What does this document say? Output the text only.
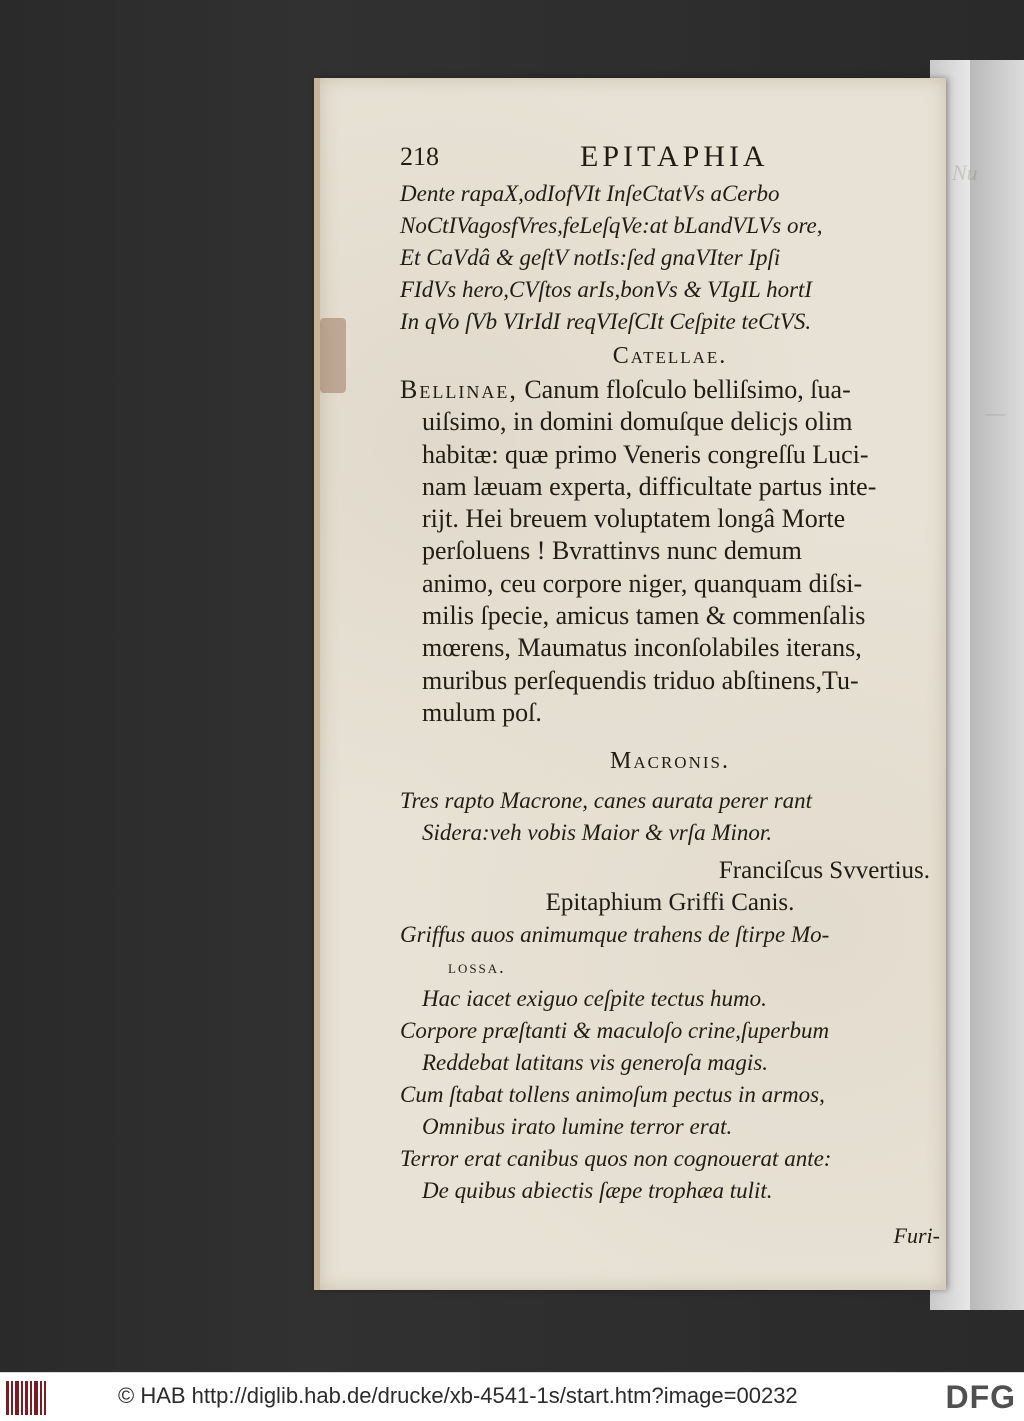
Nu
—
218	EPITAPHIA
Dente rapaX,odIofVIt InſeCtatVs aCerbo
NoCtIVagosfVres,feLeſqVe:at bLandVLVs ore,
Et CaVdâ & geſtV notIs:ſed gnaVIter Ipſi
FIdVs hero,CVſtos arIs,bonVs & VIgIL hortI
In qVo ſVb VIrIdI reqVIeſCIt Ceſpite teCtVS.
Catellae.
Bellinae, Canum floſculo belliſsimo, ſua-
uiſsimo, in domini domuſque delicjs olim
habitæ: quæ primo Veneris congreſſu Luci-
nam læuam experta, difficultate partus inte-
rijt. Hei breuem voluptatem longâ Morte
perſoluens ! Bvrattinvs nunc demum
animo, ceu corpore niger, quanquam diſsi-
milis ſpecie, amicus tamen & commenſalis
mœrens, Maumatus inconſolabiles iterans,
muribus perſequendis triduo abſtinens,Tu-
mulum poſ.
Macronis.
Tres rapto Macrone, canes aurata perer rant
Sidera:veh vobis Maior & vrſa Minor.
Franciſcus Svvertius.
Epitaphium Griffi Canis.
Griffus auos animumque trahens de ſtirpe Mo-
lossa.
Hac iacet exiguo ceſpite tectus humo.
Corpore præſtanti & maculoſo crine,ſuperbum
Reddebat latitans vis generoſa magis.
Cum ſtabat tollens animoſum pectus in armos,
Omnibus irato lumine terror erat.
Terror erat canibus quos non cognouerat ante:
De quibus abiectis ſæpe trophæa tulit.
Furi-
© HAB http://diglib.hab.de/drucke/xb-4541-1s/start.htm?image=00232	DFG
